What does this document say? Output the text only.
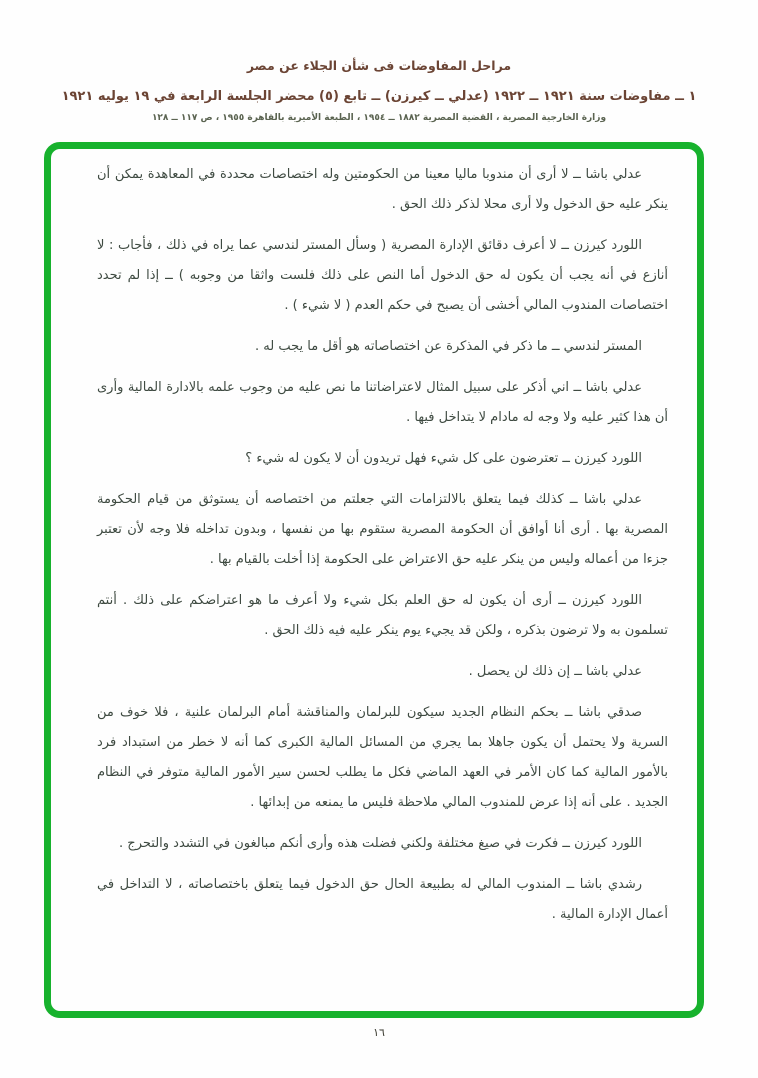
مراحل المفاوضات فى شأن الجلاء عن مصر
١ ــ مفاوضات سنة ١٩٢١ ــ ١٩٢٢ (عدلي ــ كيرزن) ــ تابع (٥) محضر الجلسة الرابعة في ١٩ يوليه ١٩٢١
وزارة الخارجية المصرية ، القضية المصرية ١٨٨٢ ــ ١٩٥٤ ، الطبعة الأميرية بالقاهرة ١٩٥٥ ، ص ١١٧ ــ ١٢٨

عدلي باشا ــ لا أرى أن مندوبا ماليا معينا من الحكومتين وله اختصاصات محددة في المعاهدة يمكن أن ينكر عليه حق الدخول ولا أرى محلا لذكر ذلك الحق .

اللورد كيرزن ــ لا أعرف دقائق الإدارة المصرية ( وسأل المستر لندسي عما يراه في ذلك ، فأجاب : لا أنازع في أنه يجب أن يكون له حق الدخول أما النص على ذلك فلست واثقا من وجوبه ) ــ إذا لم تحدد اختصاصات المندوب المالي أخشى أن يصبح في حكم العدم ( لا شيء ) .

المستر لندسي ــ ما ذكر في المذكرة عن اختصاصاته هو أقل ما يجب له .

عدلي باشا ــ اني أذكر على سبيل المثال لاعتراضاتنا ما نص عليه من وجوب علمه بالادارة المالية وأرى أن هذا كثير عليه ولا وجه له مادام لا يتداخل فيها .

اللورد كيرزن ــ تعترضون على كل شيء فهل تريدون أن لا يكون له شيء ؟

عدلي باشا ــ كذلك فيما يتعلق بالالتزامات التي جعلتم من اختصاصه أن يستوثق من قيام الحكومة المصرية بها . أرى أنا أوافق أن الحكومة المصرية ستقوم بها من نفسها ، وبدون تداخله فلا وجه لأن تعتبر جزءا من أعماله وليس من ينكر عليه حق الاعتراض على الحكومة إذا أخلت بالقيام بها .

اللورد كيرزن ــ أرى أن يكون له حق العلم بكل شيء ولا أعرف ما هو اعتراضكم على ذلك . أنتم تسلمون به ولا ترضون بذكره ، ولكن قد يجيء يوم ينكر عليه فيه ذلك الحق .

عدلي باشا ــ إن ذلك لن يحصل .

صدقي باشا ــ بحكم النظام الجديد سيكون للبرلمان والمناقشة أمام البرلمان علنية ، فلا خوف من السرية ولا يحتمل أن يكون جاهلا بما يجري من المسائل المالية الكبرى كما أنه لا خطر من استبداد فرد بالأمور المالية كما كان الأمر في العهد الماضي فكل ما يطلب لحسن سير الأمور المالية متوفر في النظام الجديد . على أنه إذا عرض للمندوب المالي ملاحظة فليس ما يمنعه من إبدائها .

اللورد كيرزن ــ فكرت في صيغ مختلفة ولكني فضلت هذه وأرى أنكم مبالغون في التشدد والتحرج .

رشدي باشا ــ المندوب المالي له بطبيعة الحال حق الدخول فيما يتعلق باختصاصاته ، لا التداخل في أعمال الإدارة المالية .

١٦
